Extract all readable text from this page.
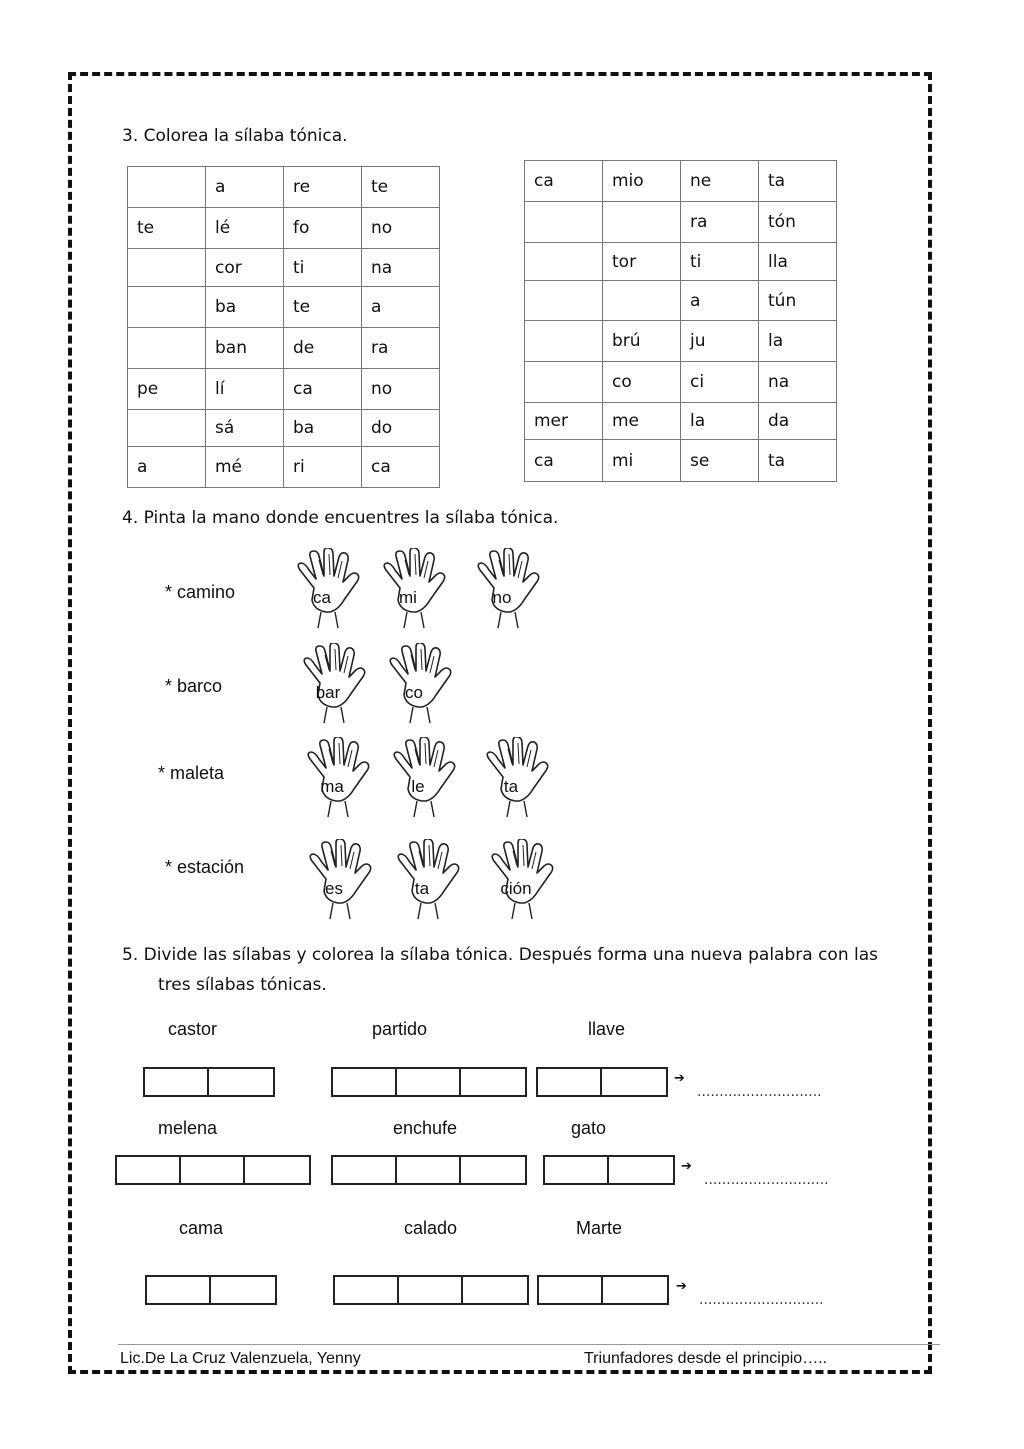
3. Colorea la sílaba tónica.
	a	re	te
te	lé	fo	no
	cor	ti	na
	ba	te	a
	ban	de	ra
pe	lí	ca	no
	sá	ba	do
a	mé	ri	ca
ca	mio	ne	ta
		ra	tón
	tor	ti	lla
		a	tún
	brú	ju	la
	co	ci	na
mer	me	la	da
ca	mi	se	ta
4. Pinta la mano donde encuentres la sílaba tónica.
* camino
* barco
* maleta
* estación
ca	mi	no
bar	co
ma	le	ta
es	ta	ción
5. Divide las sílabas y colorea la sílaba tónica. Después forma una nueva palabra con las
tres sílabas tónicas.
castor	partido	llave
➔
............................
melena	enchufe	gato
➔
............................
cama	calado	Marte
➔
............................
Lic.De La Cruz Valenzuela, Yenny	Triunfadores desde el principio…..
